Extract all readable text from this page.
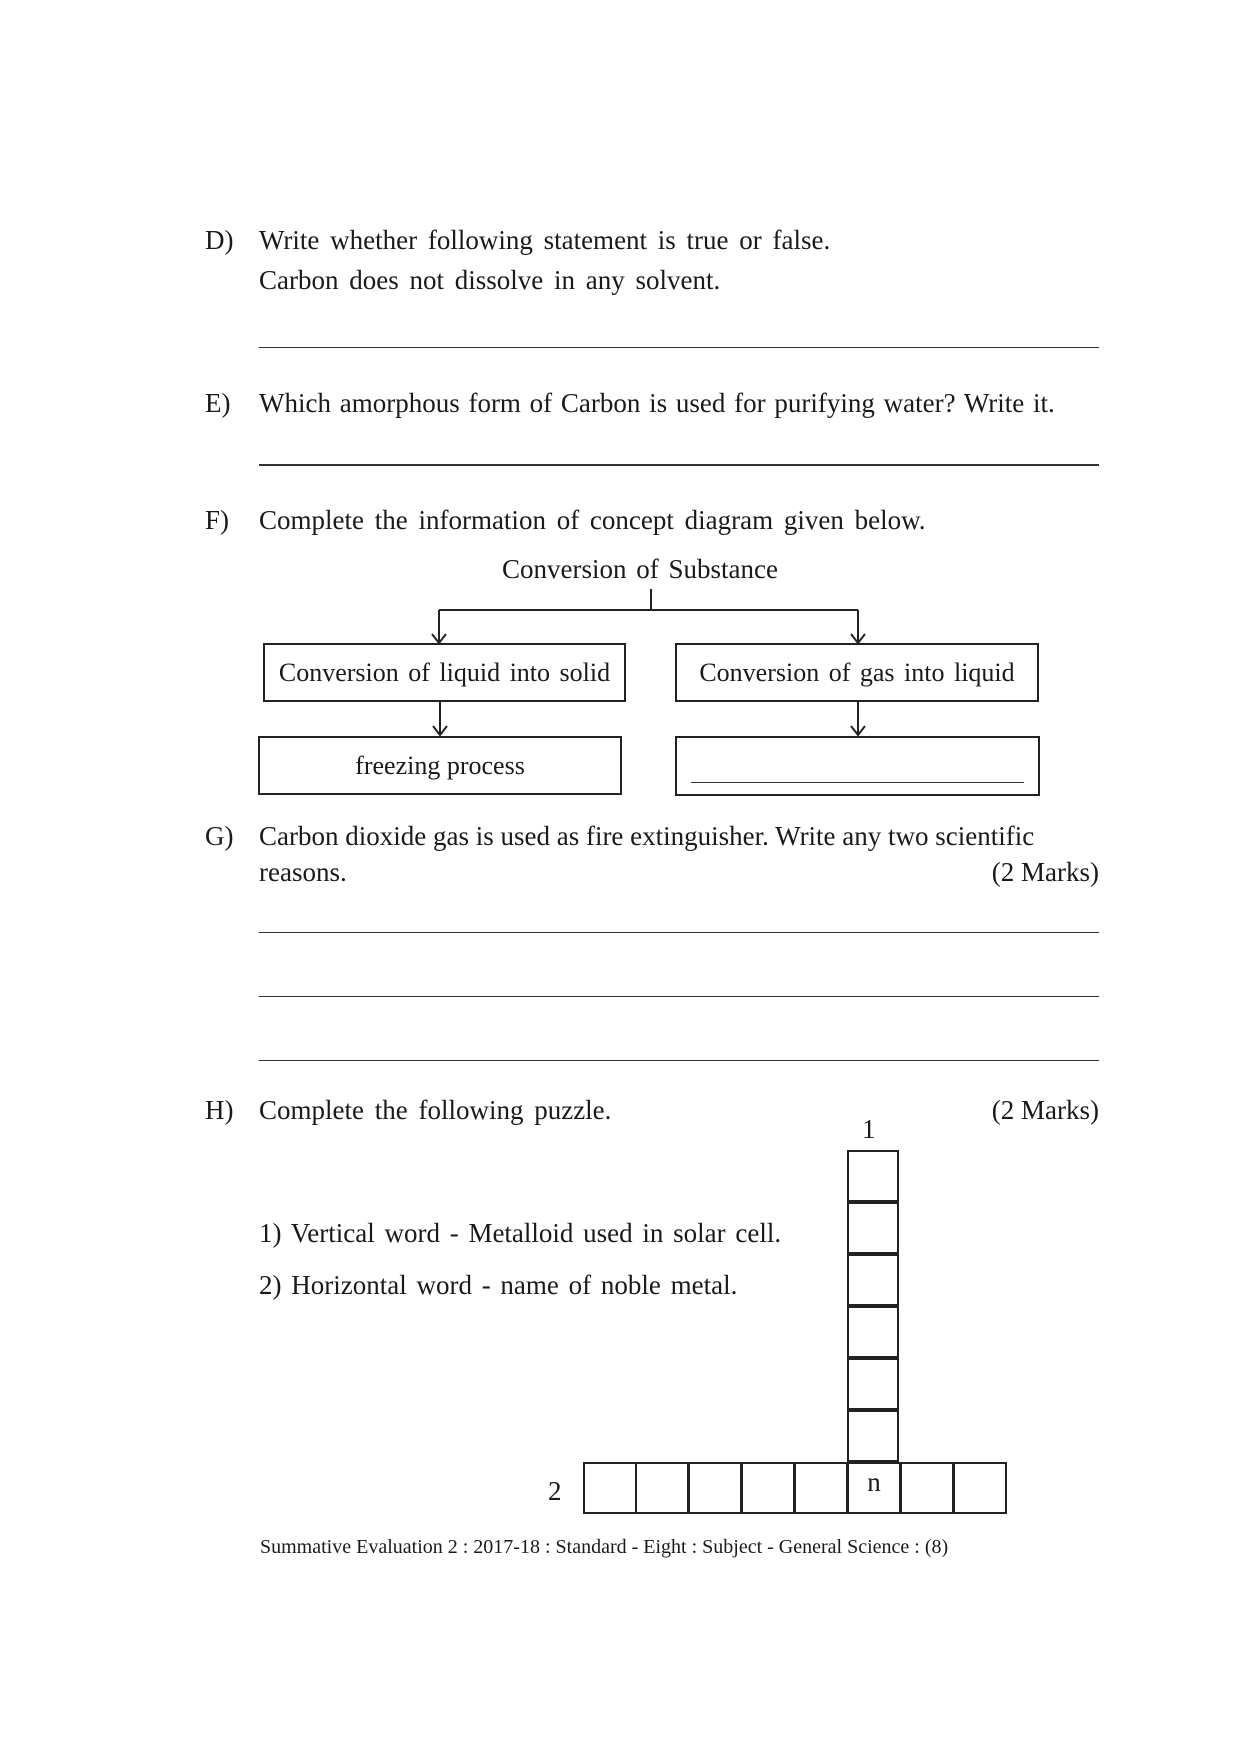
D) Write whether following statement is true or false.
Carbon does not dissolve in any solvent.
E) Which amorphous form of Carbon is used for purifying water? Write it.
F) Complete the information of concept diagram given below.
Conversion of Substance
Conversion of liquid into solid	Conversion of gas into liquid
freezing process
G) Carbon dioxide gas is used as fire extinguisher. Write any two scientific
reasons.	(2 Marks)
H) Complete the following puzzle.	(2 Marks)
1) Vertical word - Metalloid used in solar cell.
2) Horizontal word - name of noble metal.
1
2	n
Summative Evaluation 2 : 2017-18 : Standard - Eight : Subject - General Science : (8)
